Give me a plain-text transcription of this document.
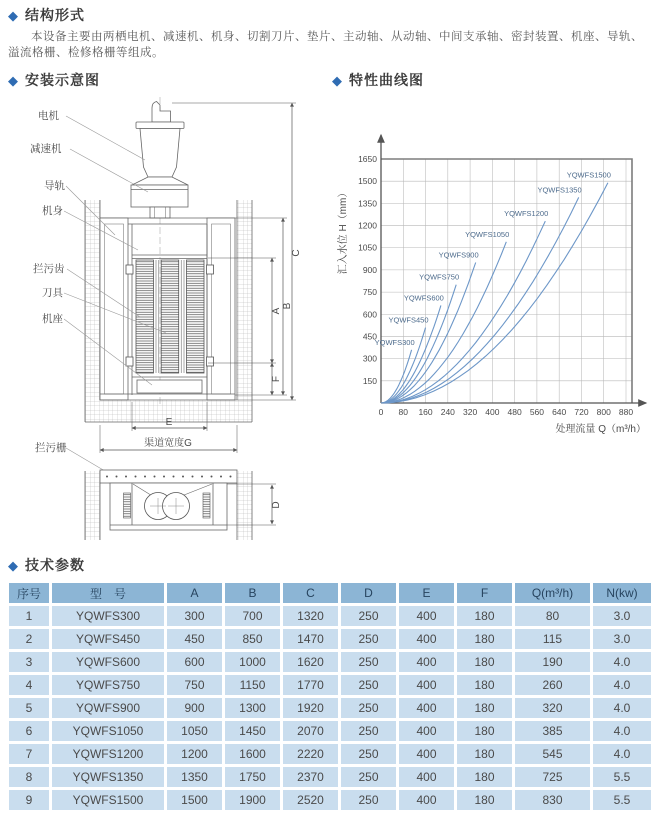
◆ 结构形式
本设备主要由两栖电机、减速机、机身、切割刀片、垫片、主动轴、从动轴、中间支承轴、密封装置、机座、导轨、溢流格栅、检修格栅等组成。
◆ 安装示意图	◆ 特性曲线图
电机
减速机
导轨
机身
拦污齿
刀具
机座
拦污栅
C
B
A
F
E
渠道宽度G
D
0 80 160 240 320 400 480 560 640 720 800 880
150
300
450
600
750
900
1050
1200
1350
1500
1650
处理流量 Q（m³/h）
汇入水位 H（mm）
YQWFS300
YQWFS450
YQWFS600
YQWFS750
YQWFS900
YQWFS1050
YQWFS1200
YQWFS1350
YQWFS1500
◆ 技术参数
序号	型　号	A	B	C	D	E	F	Q(m³/h)	N(kw)
1	YQWFS300	300	700	1320	250	400	180	80	3.0
2	YQWFS450	450	850	1470	250	400	180	115	3.0
3	YQWFS600	600	1000	1620	250	400	180	190	4.0
4	YQWFS750	750	1150	1770	250	400	180	260	4.0
5	YQWFS900	900	1300	1920	250	400	180	320	4.0
6	YQWFS1050	1050	1450	2070	250	400	180	385	4.0
7	YQWFS1200	1200	1600	2220	250	400	180	545	4.0
8	YQWFS1350	1350	1750	2370	250	400	180	725	5.5
9	YQWFS1500	1500	1900	2520	250	400	180	830	5.5
